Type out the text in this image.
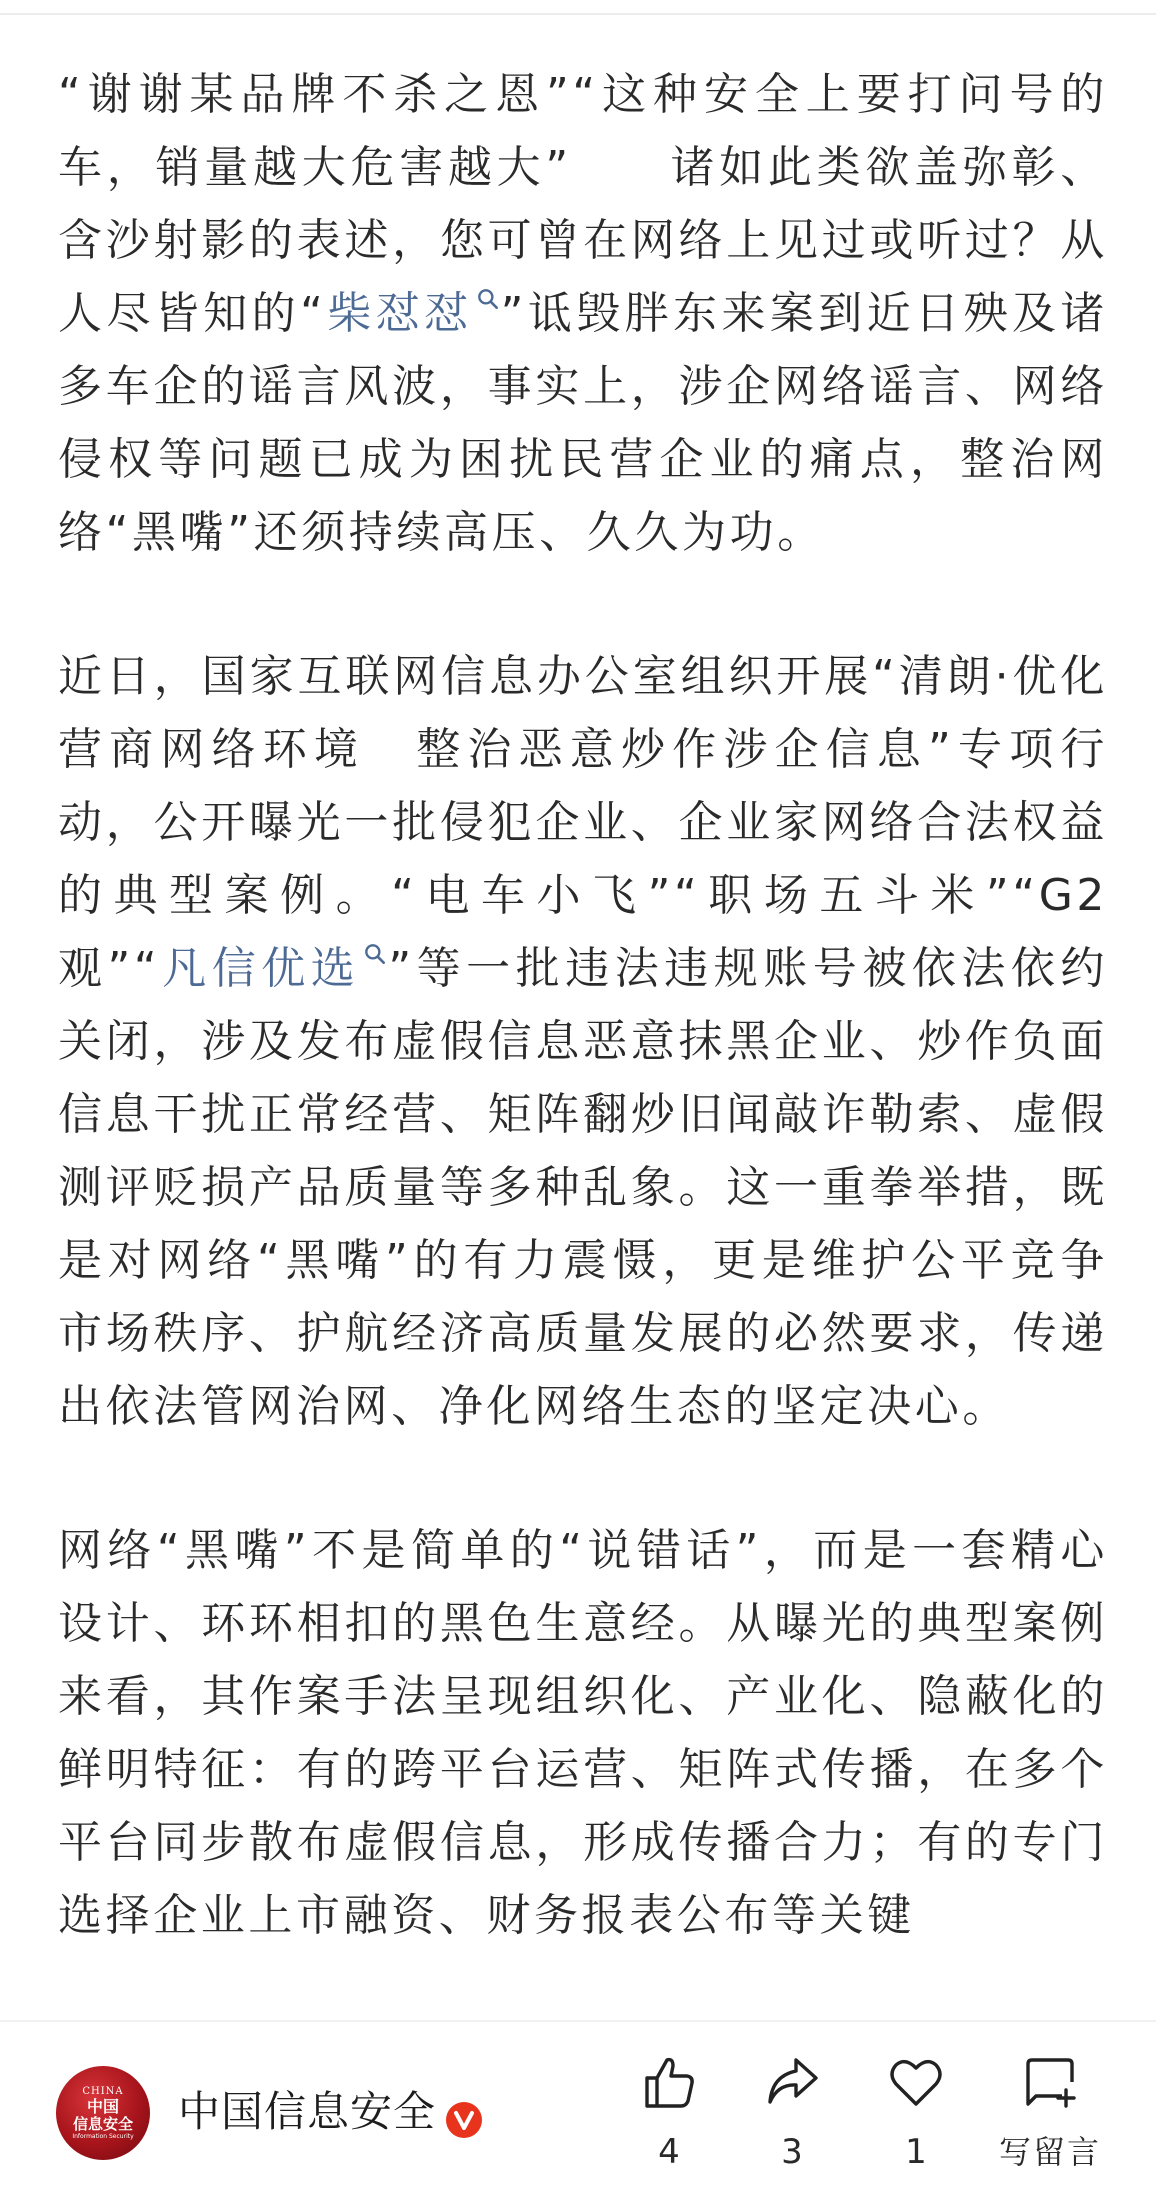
“谢谢某品牌不杀之恩”“这种安全上要打问号的车，销量越大危害越大”　　诸如此类欲盖弥彰、含沙射影的表述，您可曾在网络上见过或听过？从人尽皆知的“柴怼怼 ”诋毁胖东来案到近日殃及诸多车企的谣言风波，事实上，涉企网络谣言、网络侵权等问题已成为困扰民营企业的痛点，整治网络“黑嘴”还须持续高压、久久为功。

近日，国家互联网信息办公室组织开展“清朗·优化营商网络环境　整治恶意炒作涉企信息”专项行动，公开曝光一批侵犯企业、企业家网络合法权益的典型案例。“电车小飞”“职场五斗米”“G2观”“凡信优选 ”等一批违法违规账号被依法依约关闭，涉及发布虚假信息恶意抹黑企业、炒作负面信息干扰正常经营、矩阵翻炒旧闻敲诈勒索、虚假测评贬损产品质量等多种乱象。这一重拳举措，既是对网络“黑嘴”的有力震慑，更是维护公平竞争市场秩序、护航经济高质量发展的必然要求，传递出依法管网治网、净化网络生态的坚定决心。

网络“黑嘴”不是简单的“说错话”，而是一套精心设计、环环相扣的黑色生意经。从曝光的典型案例来看，其作案手法呈现组织化、产业化、隐蔽化的鲜明特征：有的跨平台运营、矩阵式传播，在多个平台同步散布虚假信息，形成传播合力；有的专门选择企业上市融资、财务报表公布等关键

CHINA
中国
信息安全
Information Security 中国信息安全
4	3	1	写留言
